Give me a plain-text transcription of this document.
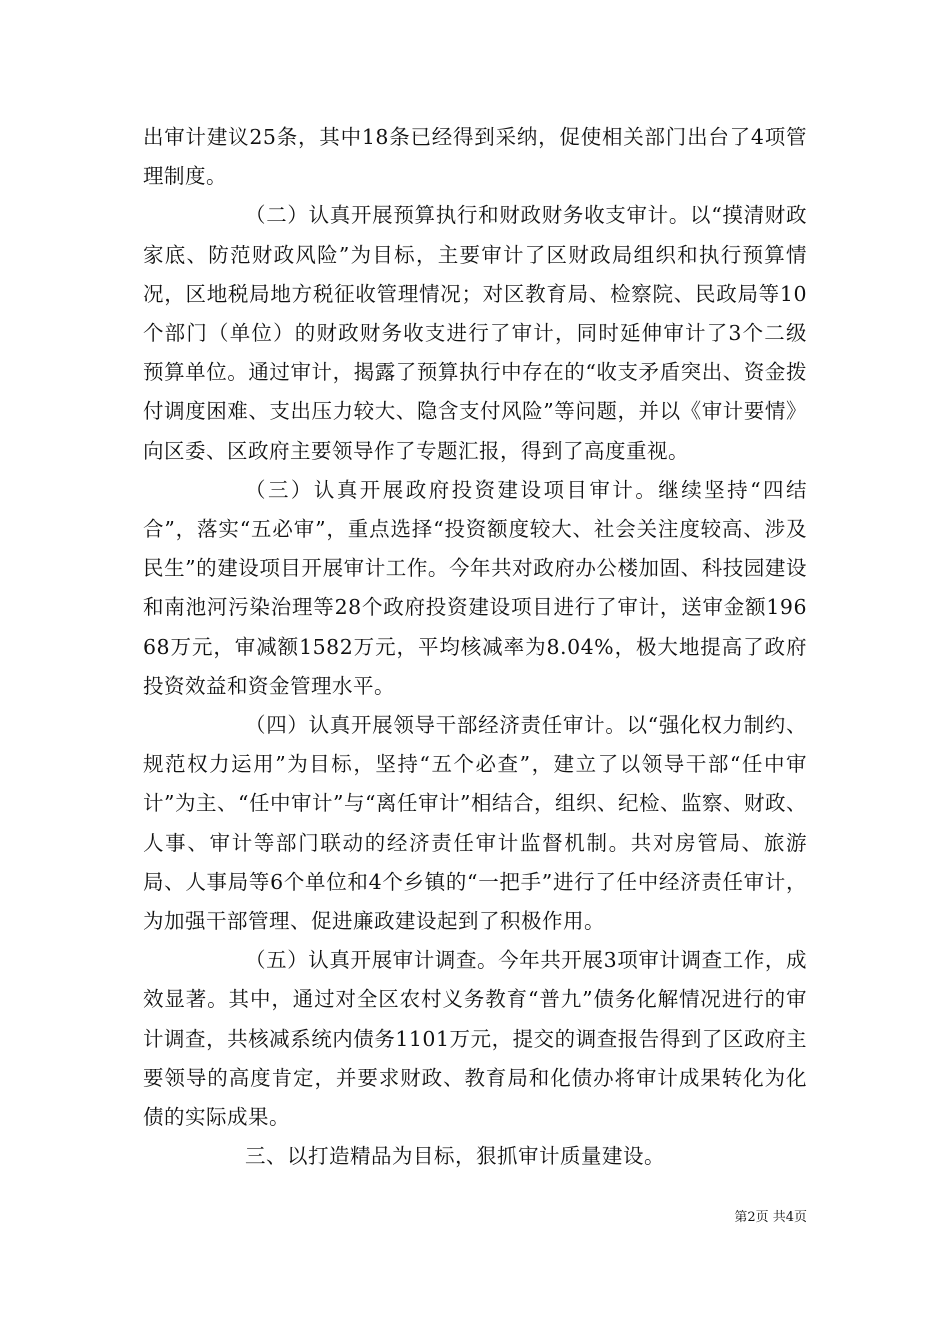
出审计建议25条，其中18条已经得到采纳，促使相关部门出台了4项管理制度。

（二）认真开展预算执行和财政财务收支审计。以“摸清财政家底、防范财政风险”为目标，主要审计了区财政局组织和执行预算情况，区地税局地方税征收管理情况；对区教育局、检察院、民政局等10个部门（单位）的财政财务收支进行了审计，同时延伸审计了3个二级预算单位。通过审计，揭露了预算执行中存在的“收支矛盾突出、资金拨付调度困难、支出压力较大、隐含支付风险”等问题，并以《审计要情》向区委、区政府主要领导作了专题汇报，得到了高度重视。

（三）认真开展政府投资建设项目审计。继续坚持“四结合”，落实“五必审”，重点选择“投资额度较大、社会关注度较高、涉及民生”的建设项目开展审计工作。今年共对政府办公楼加固、科技园建设和南池河污染治理等28个政府投资建设项目进行了审计，送审金额19668万元，审减额1582万元，平均核减率为8.04%，极大地提高了政府投资效益和资金管理水平。

（四）认真开展领导干部经济责任审计。以“强化权力制约、规范权力运用”为目标，坚持“五个必查”，建立了以领导干部“任中审计”为主、“任中审计”与“离任审计”相结合，组织、纪检、监察、财政、人事、审计等部门联动的经济责任审计监督机制。共对房管局、旅游局、人事局等6个单位和4个乡镇的“一把手”进行了任中经济责任审计，为加强干部管理、促进廉政建设起到了积极作用。

（五）认真开展审计调查。今年共开展3项审计调查工作，成效显著。其中，通过对全区农村义务教育“普九”债务化解情况进行的审计调查，共核减系统内债务1101万元，提交的调查报告得到了区政府主要领导的高度肯定，并要求财政、教育局和化债办将审计成果转化为化债的实际成果。

三、以打造精品为目标，狠抓审计质量建设。

第2页 共4页
